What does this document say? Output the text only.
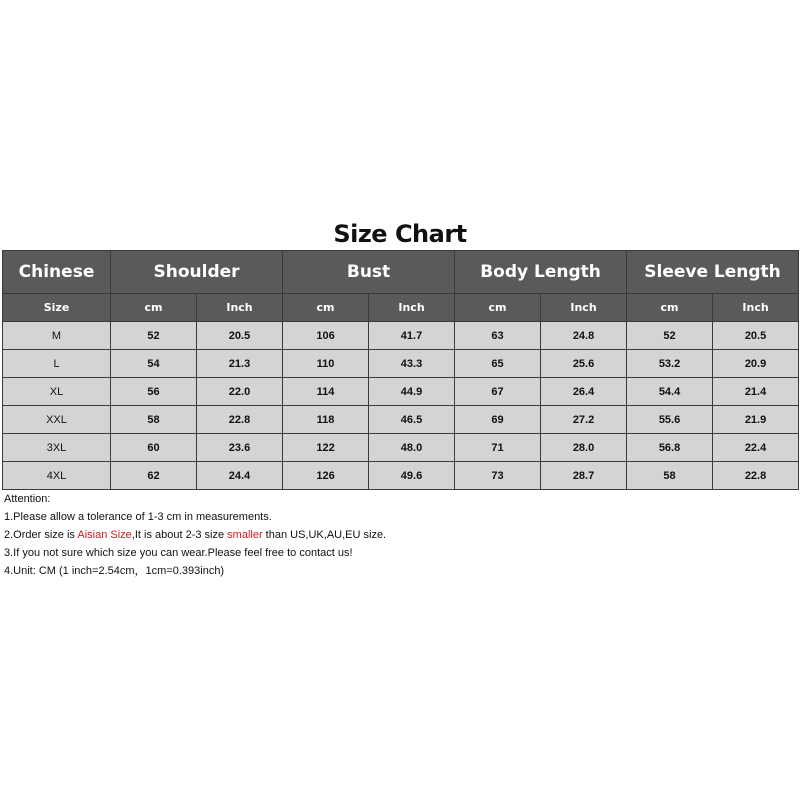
Size Chart
Chinese	Shoulder		Bust		Body Length		Sleeve Length	
Size	cm	Inch	cm	Inch	cm	Inch	cm	Inch
M	52	20.5	106	41.7	63	24.8	52	20.5
L	54	21.3	110	43.3	65	25.6	53.2	20.9
XL	56	22.0	114	44.9	67	26.4	54.4	21.4
XXL	58	22.8	118	46.5	69	27.2	55.6	21.9
3XL	60	23.6	122	48.0	71	28.0	56.8	22.4
4XL	62	24.4	126	49.6	73	28.7	58	22.8
Attention:
1.Please allow a tolerance of 1-3 cm in measurements.
2.Order size is Aisian Size,It is about 2-3 size smaller than US,UK,AU,EU size.
3.If you not sure which size you can wear.Please feel free to contact us!
4.Unit: CM (1 inch=2.54cm，1cm=0.393inch)
